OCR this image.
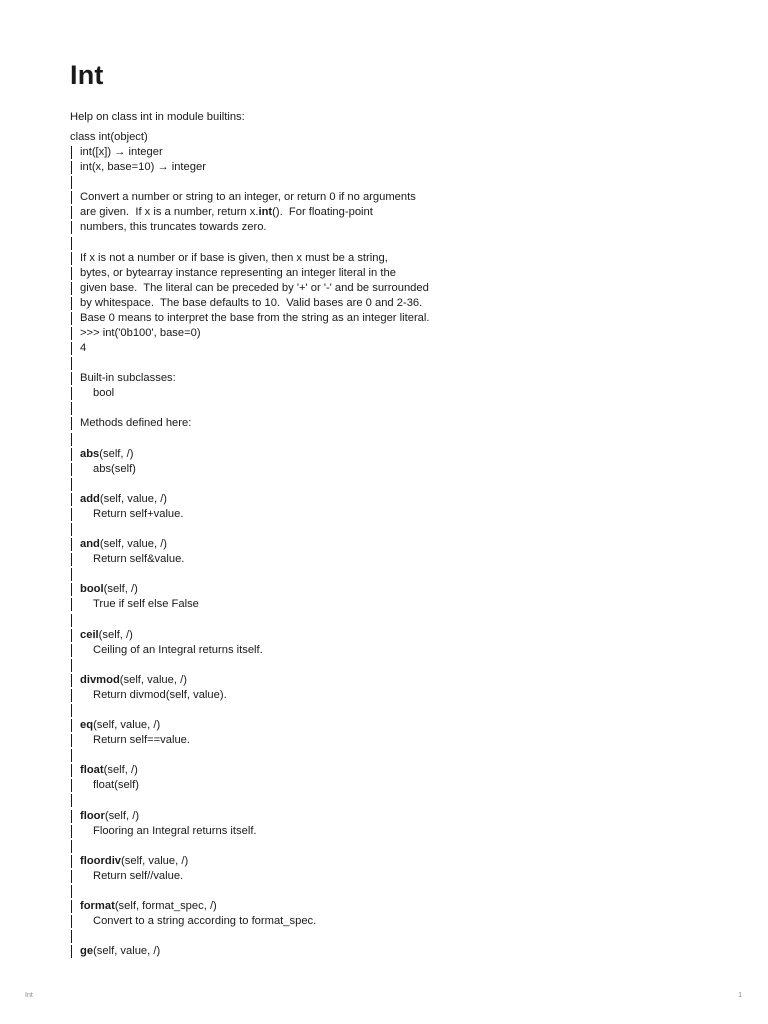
Int
Help on class int in module builtins:
class int(object)
int([x]) → integer
int(x, base=10) → integer
Convert a number or string to an integer, or return 0 if no arguments
are given.  If x is a number, return x.int().  For floating-point
numbers, this truncates towards zero.
If x is not a number or if base is given, then x must be a string,
bytes, or bytearray instance representing an integer literal in the
given base.  The literal can be preceded by '+' or '-' and be surrounded
by whitespace.  The base defaults to 10.  Valid bases are 0 and 2-36.
Base 0 means to interpret the base from the string as an integer literal.
>>> int('0b100', base=0)
4
Built-in subclasses:
bool
Methods defined here:
abs(self, /)
abs(self)
add(self, value, /)
Return self+value.
and(self, value, /)
Return self&value.
bool(self, /)
True if self else False
ceil(self, /)
Ceiling of an Integral returns itself.
divmod(self, value, /)
Return divmod(self, value).
eq(self, value, /)
Return self==value.
float(self, /)
float(self)
floor(self, /)
Flooring an Integral returns itself.
floordiv(self, value, /)
Return self//value.
format(self, format_spec, /)
Convert to a string according to format_spec.
ge(self, value, /)
Int	1
